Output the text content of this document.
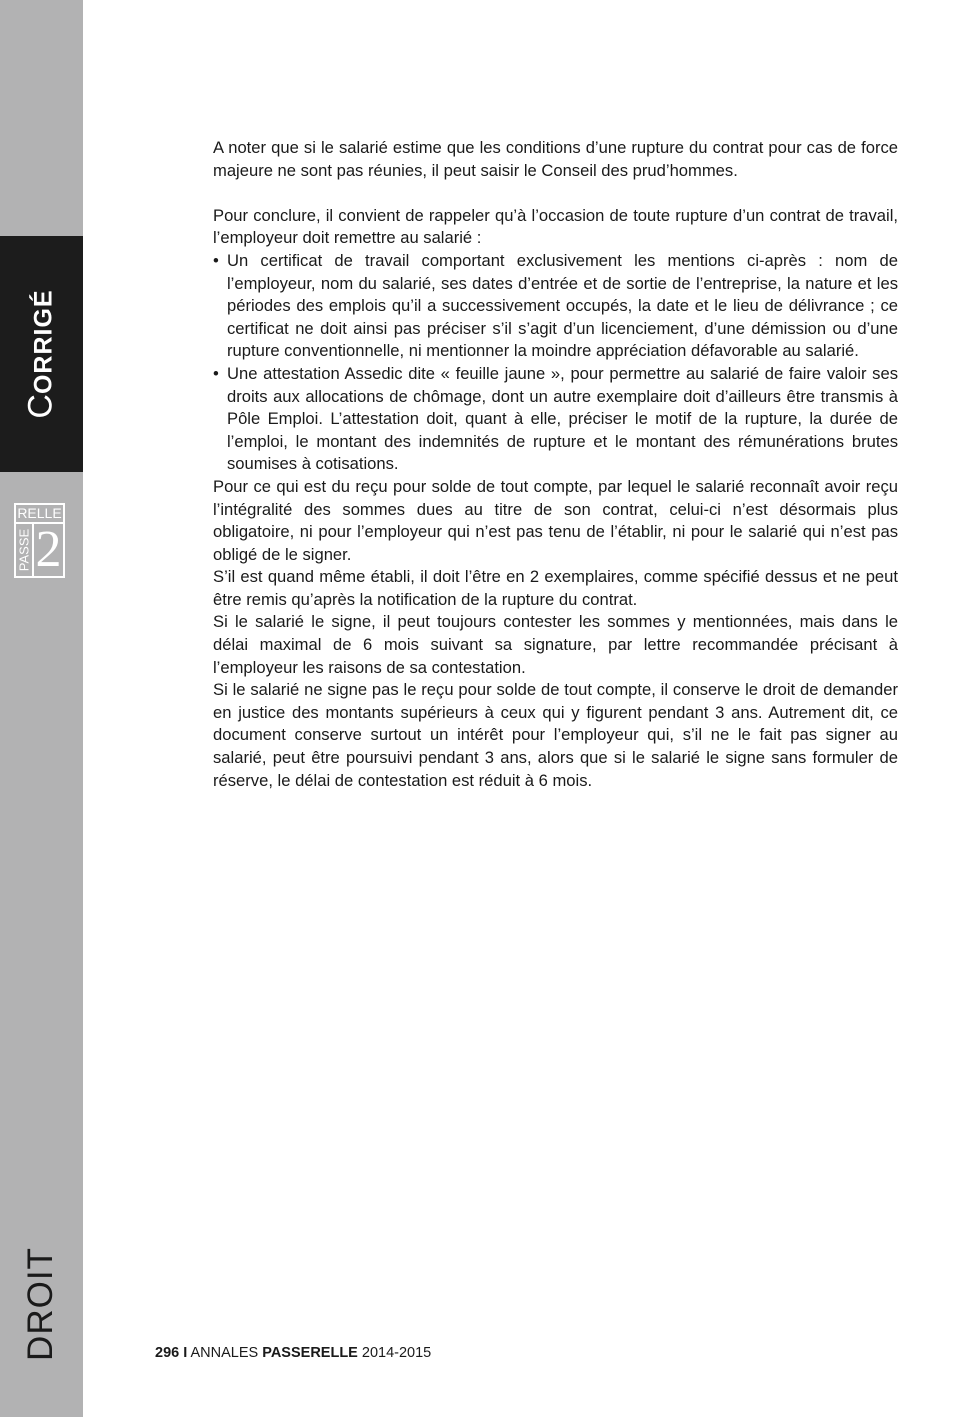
CORRIGÉ
RELLE
PASSE 2
DROIT

A noter que si le salarié estime que les conditions d’une rupture du contrat pour cas de force majeure ne sont pas réunies, il peut saisir le Conseil des prud’hommes.

Pour conclure, il convient de rappeler qu’à l’occasion de toute rupture d’un contrat de travail, l’employeur doit remettre au salarié :

• Un certificat de travail comportant exclusivement les mentions ci-après : nom de l’employeur, nom du salarié, ses dates d’entrée et de sortie de l’entreprise, la nature et les périodes des emplois qu’il a successivement occupés, la date et le lieu de délivrance ; ce certificat ne doit ainsi pas préciser s’il s’agit d’un licenciement, d’une démission ou d’une rupture conventionnelle, ni mentionner la moindre appréciation défavorable au salarié.
• Une attestation Assedic dite « feuille jaune », pour permettre au salarié de faire valoir ses droits aux allocations de chômage, dont un autre exemplaire doit d’ailleurs être transmis à Pôle Emploi. L’attestation doit, quant à elle, préciser le motif de la rupture, la durée de l’emploi, le montant des indemnités de rupture et le montant des rémunérations brutes soumises à cotisations.

Pour ce qui est du reçu pour solde de tout compte, par lequel le salarié reconnaît avoir reçu l’intégralité des sommes dues au titre de son contrat, celui-ci n’est désormais plus obligatoire, ni pour l’employeur qui n’est pas tenu de l’établir, ni pour le salarié qui n’est pas obligé de le signer.

S’il est quand même établi, il doit l’être en 2 exemplaires, comme spécifié dessus et ne peut être remis qu’après la notification de la rupture du contrat.

Si le salarié le signe, il peut toujours contester les sommes y mentionnées, mais dans le délai maximal de 6 mois suivant sa signature, par lettre recommandée précisant à l’employeur les raisons de sa contestation.

Si le salarié ne signe pas le reçu pour solde de tout compte, il conserve le droit de demander en justice des montants supérieurs à ceux qui y figurent pendant 3 ans. Autrement dit, ce document conserve surtout un intérêt pour l’employeur qui, s’il ne le fait pas signer au salarié, peut être poursuivi pendant 3 ans, alors que si le salarié le signe sans formuler de réserve, le délai de contestation est réduit à 6 mois.

296 I ANNALES PASSERELLE 2014-2015
